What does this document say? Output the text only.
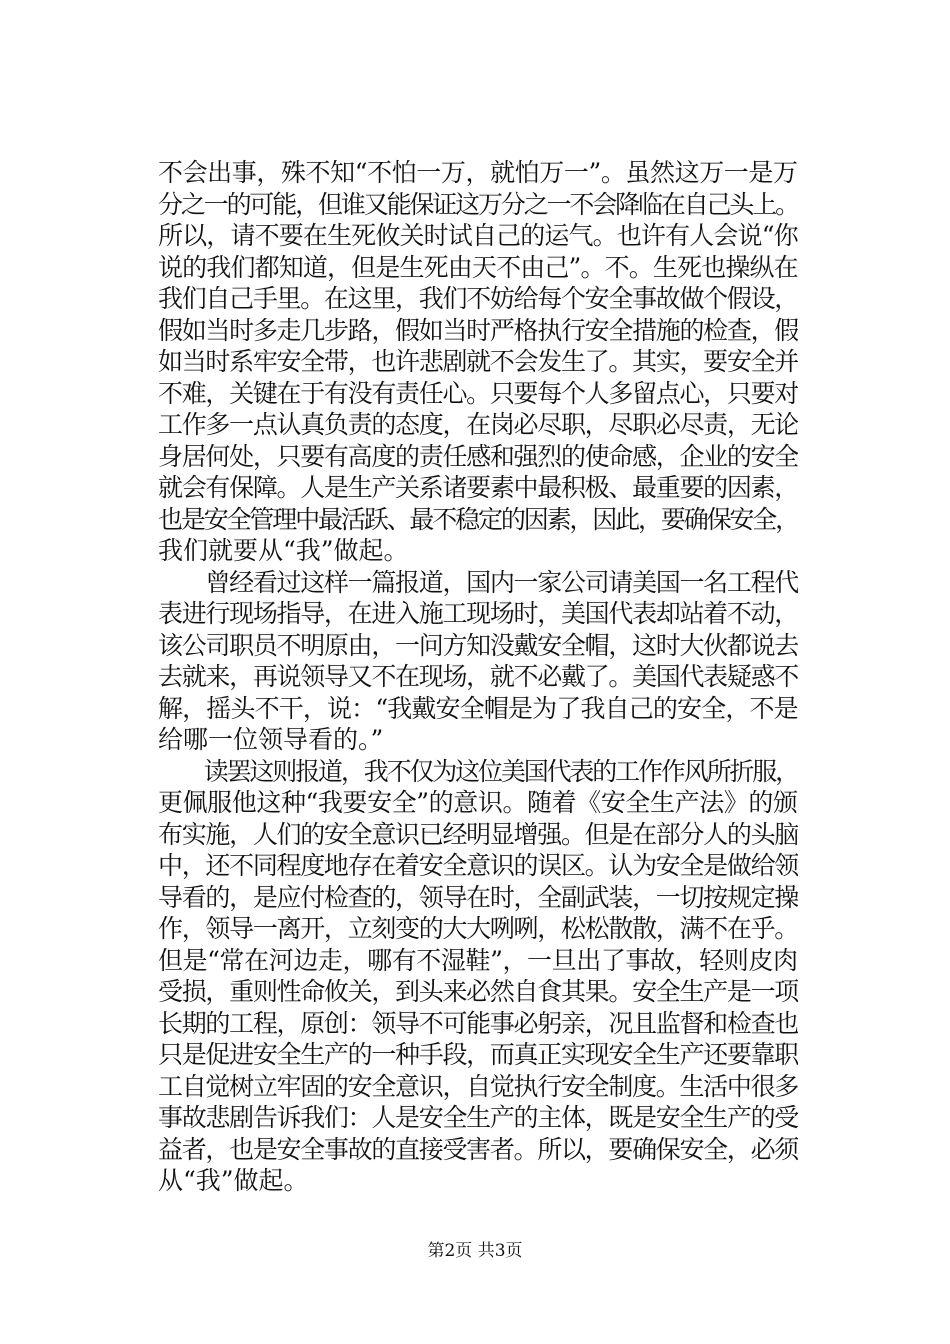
不会出事，殊不知“不怕一万，就怕万一”。虽然这万一是万
分之一的可能，但谁又能保证这万分之一不会降临在自己头上。
所以，请不要在生死攸关时试自己的运气。也许有人会说“你
说的我们都知道，但是生死由天不由己”。不。生死也操纵在
我们自己手里。在这里，我们不妨给每个安全事故做个假设，
假如当时多走几步路，假如当时严格执行安全措施的检查，假
如当时系牢安全带，也许悲剧就不会发生了。其实，要安全并
不难，关键在于有没有责任心。只要每个人多留点心，只要对
工作多一点认真负责的态度，在岗必尽职，尽职必尽责，无论
身居何处，只要有高度的责任感和强烈的使命感，企业的安全
就会有保障。人是生产关系诸要素中最积极、最重要的因素，
也是安全管理中最活跃、最不稳定的因素，因此，要确保安全，
我们就要从“我”做起。
　　曾经看过这样一篇报道，国内一家公司请美国一名工程代
表进行现场指导，在进入施工现场时，美国代表却站着不动，
该公司职员不明原由，一问方知没戴安全帽，这时大伙都说去
去就来，再说领导又不在现场，就不必戴了。美国代表疑惑不
解，摇头不干，说：“我戴安全帽是为了我自己的安全，不是
给哪一位领导看的。”
　　读罢这则报道，我不仅为这位美国代表的工作作风所折服，
更佩服他这种“我要安全”的意识。随着《安全生产法》的颁
布实施，人们的安全意识已经明显增强。但是在部分人的头脑
中，还不同程度地存在着安全意识的误区。认为安全是做给领
导看的，是应付检查的，领导在时，全副武装，一切按规定操
作，领导一离开，立刻变的大大咧咧，松松散散，满不在乎。
但是“常在河边走，哪有不湿鞋”，一旦出了事故，轻则皮肉
受损，重则性命攸关，到头来必然自食其果。安全生产是一项
长期的工程，原创：领导不可能事必躬亲，况且监督和检查也
只是促进安全生产的一种手段，而真正实现安全生产还要靠职
工自觉树立牢固的安全意识，自觉执行安全制度。生活中很多
事故悲剧告诉我们：人是安全生产的主体，既是安全生产的受
益者，也是安全事故的直接受害者。所以，要确保安全，必须
从“我”做起。
第2页 共3页
